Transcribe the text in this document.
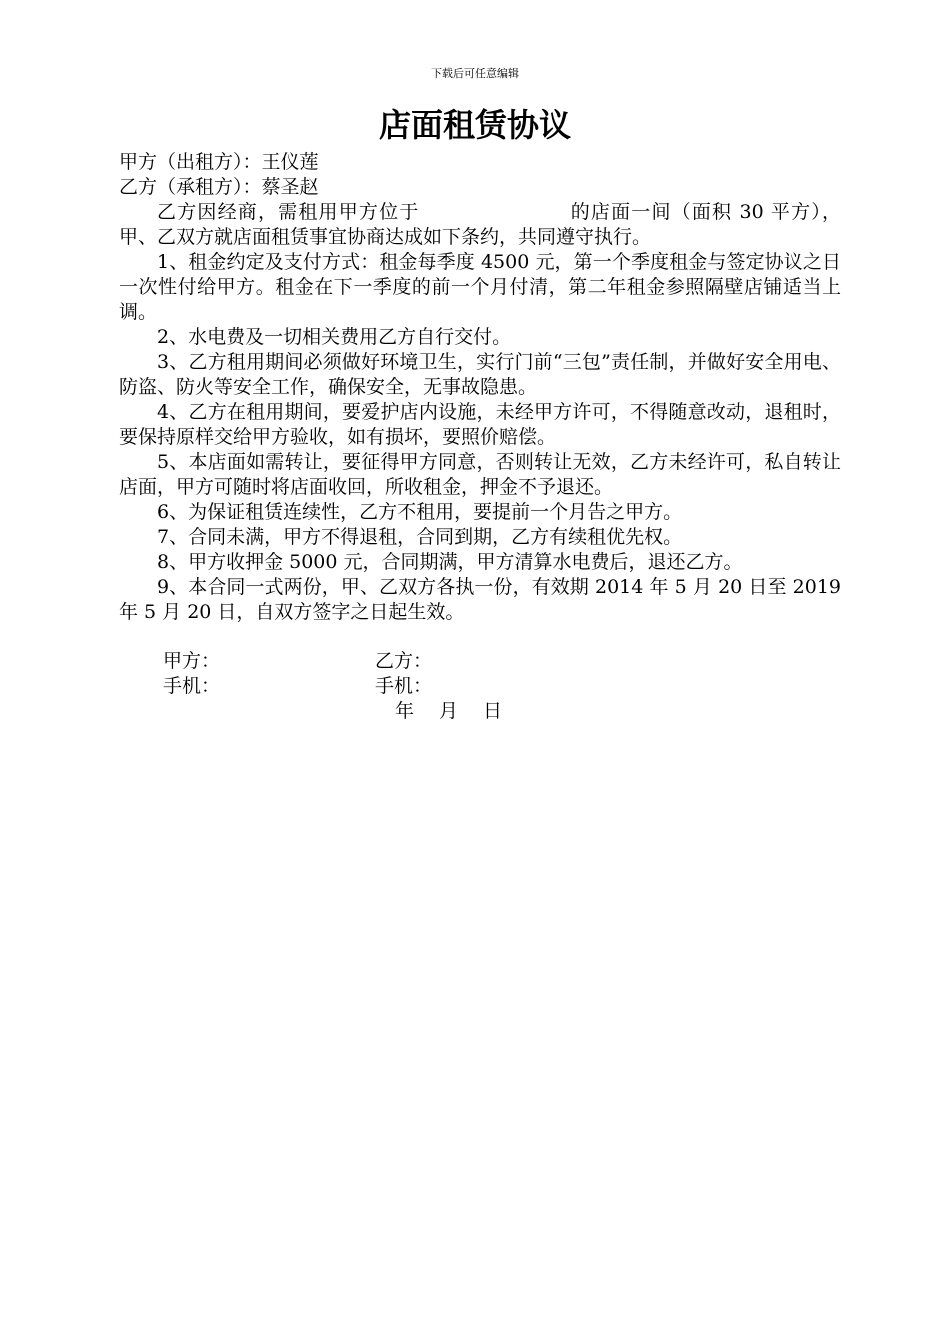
下载后可任意编辑
店面租赁协议

甲方（出租方）：王仪莲

乙方（承租方）：蔡圣赵

乙方因经商，需租用甲方位于	的店面一间（面积 30 平方），甲、乙双方就店面租赁事宜协商达成如下条约，共同遵守执行。

1、租金约定及支付方式：租金每季度 4500 元，第一个季度租金与签定协议之日一次性付给甲方。租金在下一季度的前一个月付清，第二年租金参照隔壁店铺适当上调。

2、水电费及一切相关费用乙方自行交付。

3、乙方租用期间必须做好环境卫生，实行门前“三包”责任制，并做好安全用电、防盗、防火等安全工作，确保安全，无事故隐患。

4、乙方在租用期间，要爱护店内设施，未经甲方许可，不得随意改动，退租时，要保持原样交给甲方验收，如有损坏，要照价赔偿。

5、本店面如需转让，要征得甲方同意，否则转让无效，乙方未经许可，私自转让店面，甲方可随时将店面收回，所收租金，押金不予退还。

6、为保证租赁连续性，乙方不租用，要提前一个月告之甲方。

7、合同未满，甲方不得退租，合同到期，乙方有续租优先权。

8、甲方收押金 5000 元，合同期满，甲方清算水电费后，退还乙方。

9、本合同一式两份，甲、乙双方各执一份，有效期 2014 年 5 月 20 日至 2019 年 5 月 20 日，自双方签字之日起生效。

甲方：	乙方：
手机：	手机：
年 月 日
